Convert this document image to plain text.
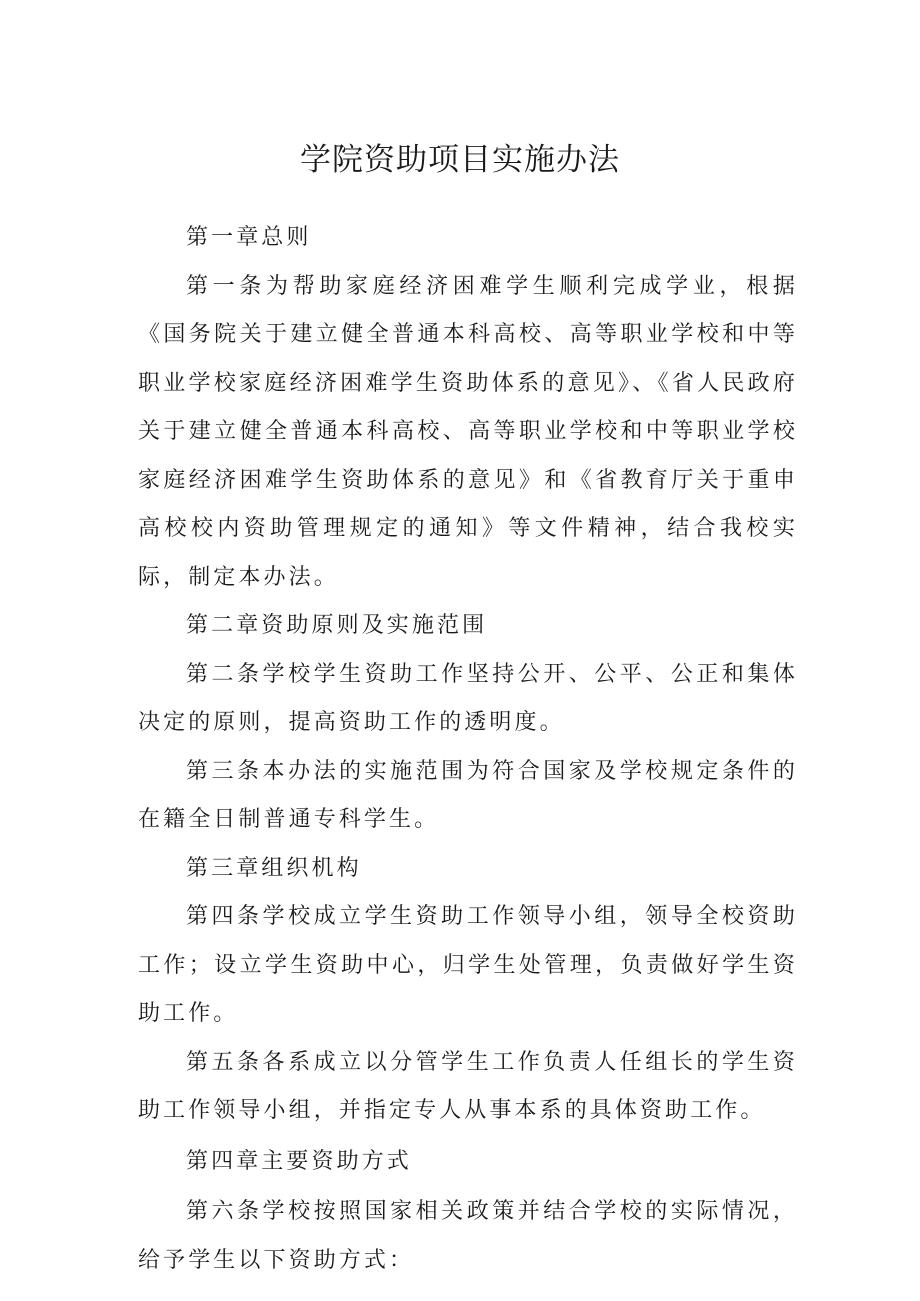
学院资助项目实施办法

第一章总则

第一条为帮助家庭经济困难学生顺利完成学业，根据《国务院关于建立健全普通本科高校、高等职业学校和中等职业学校家庭经济困难学生资助体系的意见》、《省人民政府关于建立健全普通本科高校、高等职业学校和中等职业学校家庭经济困难学生资助体系的意见》和《省教育厅关于重申高校校内资助管理规定的通知》等文件精神，结合我校实际，制定本办法。

第二章资助原则及实施范围

第二条学校学生资助工作坚持公开、公平、公正和集体决定的原则，提高资助工作的透明度。

第三条本办法的实施范围为符合国家及学校规定条件的在籍全日制普通专科学生。

第三章组织机构

第四条学校成立学生资助工作领导小组，领导全校资助工作；设立学生资助中心，归学生处管理，负责做好学生资助工作。

第五条各系成立以分管学生工作负责人任组长的学生资助工作领导小组，并指定专人从事本系的具体资助工作。

第四章主要资助方式

第六条学校按照国家相关政策并结合学校的实际情况，给予学生以下资助方式：
